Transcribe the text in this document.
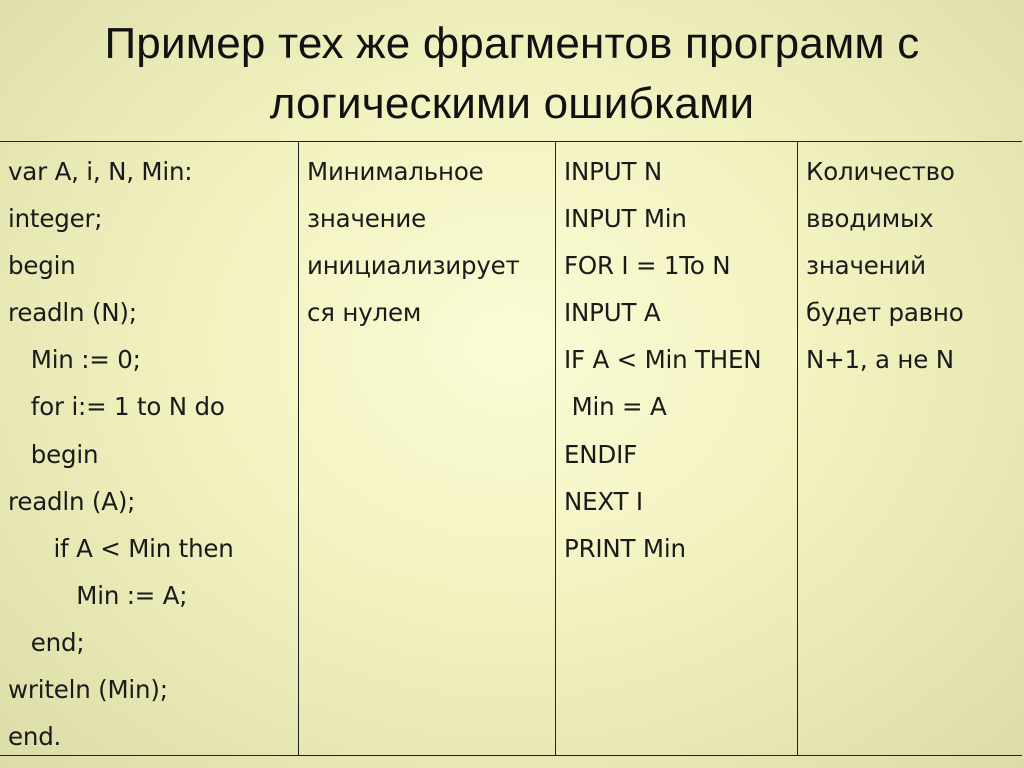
Пример тех же фрагментов программ с
логическими ошибками
var A, i, N, Min:
integer;
begin
readln (N);
Min := 0;
for i:= 1 to N do
begin
readln (A);
if A < Min then
Min := A;
end;
writeln (Min);
end.
Минимальное
значение
инициализирует
ся нулем
INPUT N
INPUT Min
FOR I = 1To N
INPUT A
IF A < Min THEN
Min = A
ENDIF
NEXT I
PRINT Min
Количество
вводимых
значений
будет равно
N+1, а не N
